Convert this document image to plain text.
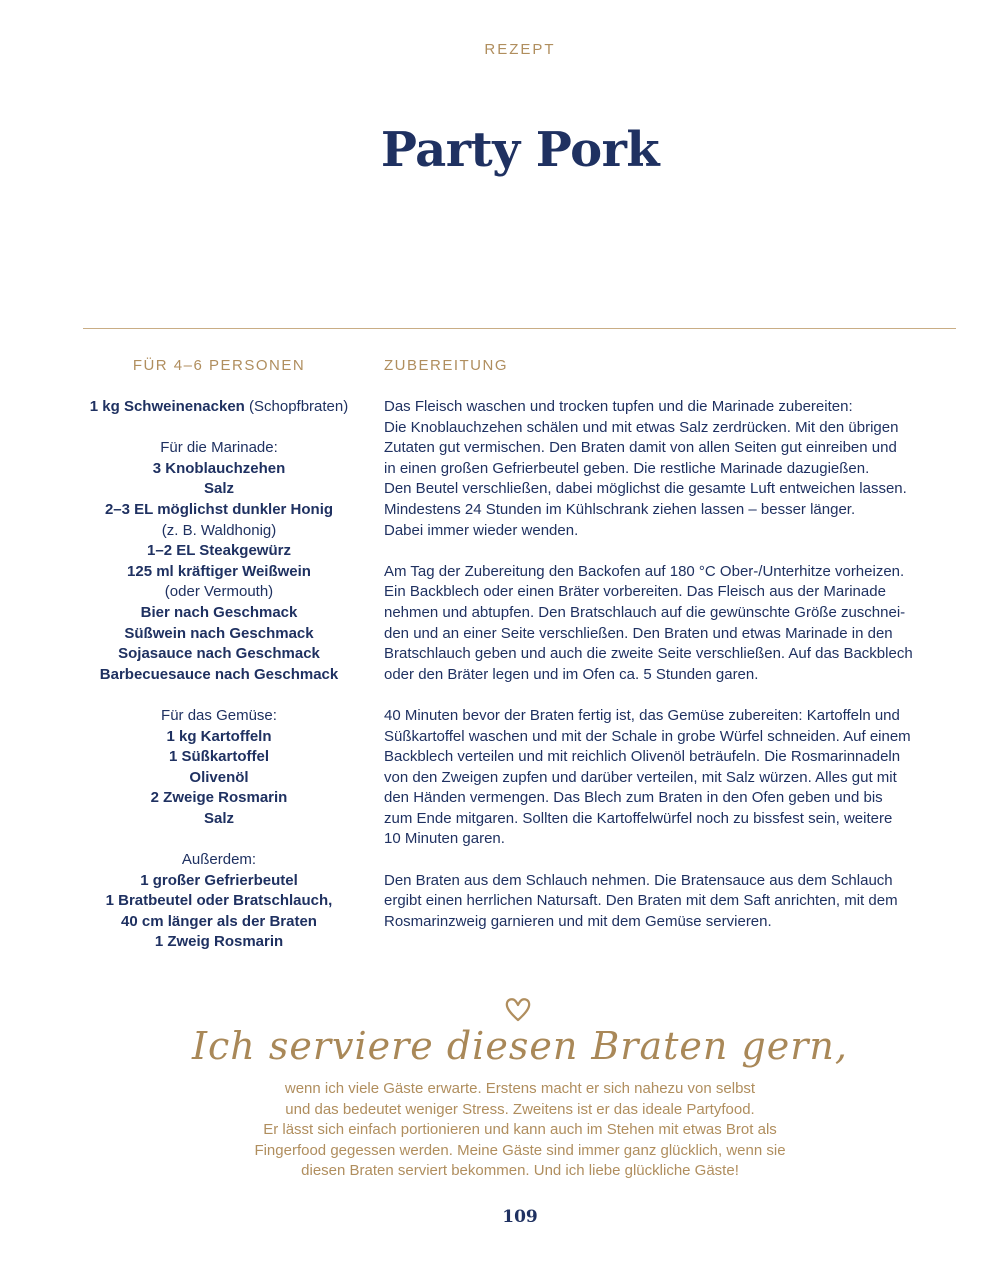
REZEPT
Party Pork
FÜR 4–6 PERSONEN	ZUBEREITUNG
1 kg Schweinenacken (Schopfbraten)
Für die Marinade:
3 Knoblauchzehen
Salz
2–3 EL möglichst dunkler Honig
(z. B. Waldhonig)
1–2 EL Steakgewürz
125 ml kräftiger Weißwein
(oder Vermouth)
Bier nach Geschmack
Süßwein nach Geschmack
Sojasauce nach Geschmack
Barbecuesauce nach Geschmack
Für das Gemüse:
1 kg Kartoffeln
1 Süßkartoffel
Olivenöl
2 Zweige Rosmarin
Salz
Außerdem:
1 großer Gefrierbeutel
1 Bratbeutel oder Bratschlauch,
40 cm länger als der Braten
1 Zweig Rosmarin
Das Fleisch waschen und trocken tupfen und die Marinade zubereiten:
Die Knoblauchzehen schälen und mit etwas Salz zerdrücken. Mit den übrigen
Zutaten gut vermischen. Den Braten damit von allen Seiten gut einreiben und
in einen großen Gefrierbeutel geben. Die restliche Marinade dazugießen.
Den Beutel verschließen, dabei möglichst die gesamte Luft entweichen lassen.
Mindestens 24 Stunden im Kühlschrank ziehen lassen – besser länger.
Dabei immer wieder wenden.
Am Tag der Zubereitung den Backofen auf 180 °C Ober-/Unterhitze vorheizen.
Ein Backblech oder einen Bräter vorbereiten. Das Fleisch aus der Marinade
nehmen und abtupfen. Den Bratschlauch auf die gewünschte Größe zuschnei-
den und an einer Seite verschließen. Den Braten und etwas Marinade in den
Bratschlauch geben und auch die zweite Seite verschließen. Auf das Backblech
oder den Bräter legen und im Ofen ca. 5 Stunden garen.
40 Minuten bevor der Braten fertig ist, das Gemüse zubereiten: Kartoffeln und
Süßkartoffel waschen und mit der Schale in grobe Würfel schneiden. Auf einem
Backblech verteilen und mit reichlich Olivenöl beträufeln. Die Rosmarinnadeln
von den Zweigen zupfen und darüber verteilen, mit Salz würzen. Alles gut mit
den Händen vermengen. Das Blech zum Braten in den Ofen geben und bis
zum Ende mitgaren. Sollten die Kartoffelwürfel noch zu bissfest sein, weitere
10 Minuten garen.
Den Braten aus dem Schlauch nehmen. Die Bratensauce aus dem Schlauch
ergibt einen herrlichen Natursaft. Den Braten mit dem Saft anrichten, mit dem
Rosmarinzweig garnieren und mit dem Gemüse servieren.
Ich serviere diesen Braten gern,
wenn ich viele Gäste erwarte. Erstens macht er sich nahezu von selbst
und das bedeutet weniger Stress. Zweitens ist er das ideale Partyfood.
Er lässt sich einfach portionieren und kann auch im Stehen mit etwas Brot als
Fingerfood gegessen werden. Meine Gäste sind immer ganz glücklich, wenn sie
diesen Braten serviert bekommen. Und ich liebe glückliche Gäste!
109
